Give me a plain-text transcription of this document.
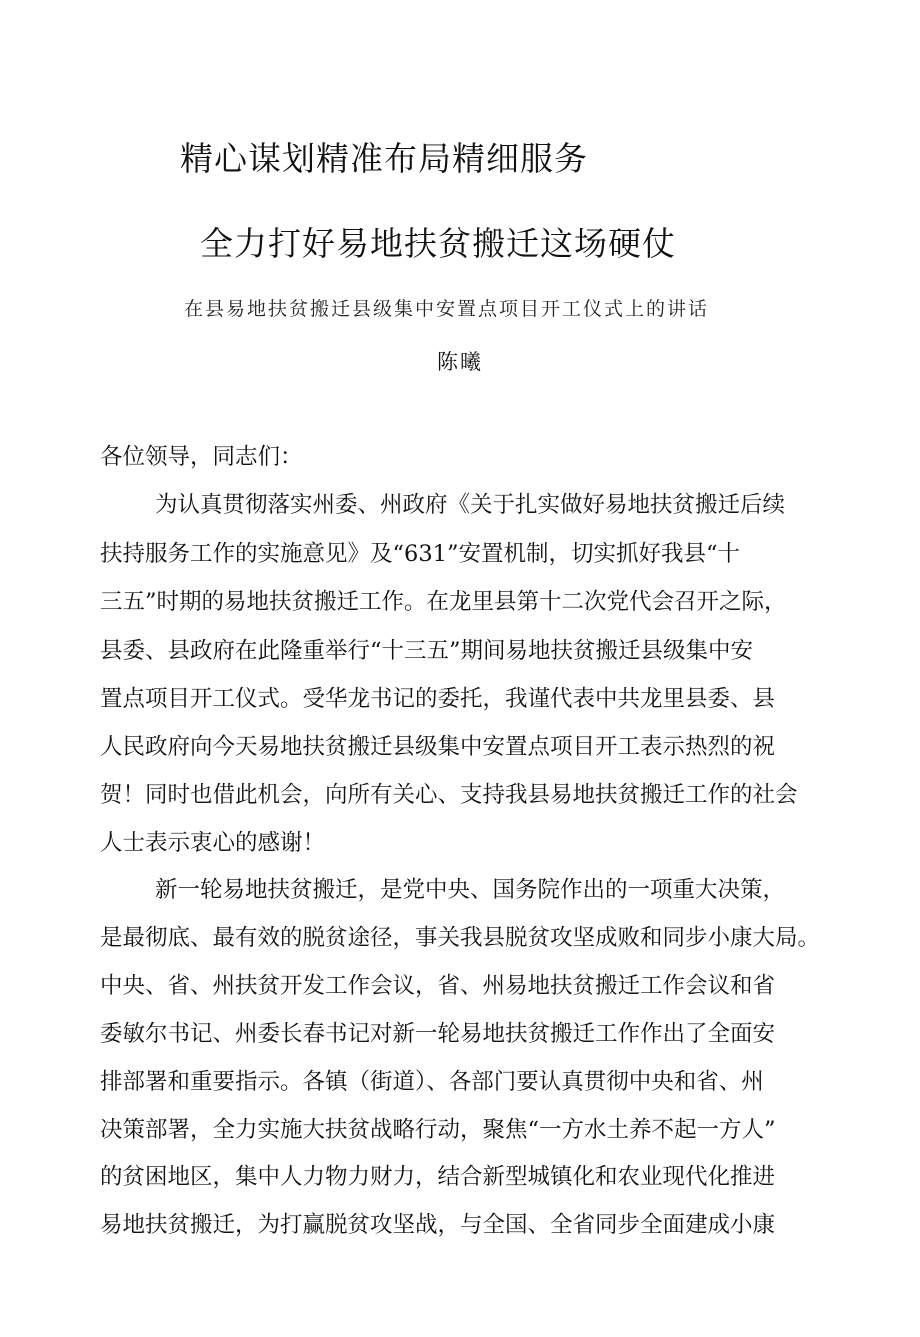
精心谋划精准布局精细服务
全力打好易地扶贫搬迁这场硬仗
在县易地扶贫搬迁县级集中安置点项目开工仪式上的讲话
陈曦
各位领导，同志们：
为认真贯彻落实州委、州政府《关于扎实做好易地扶贫搬迁后续
扶持服务工作的实施意见》及“631”安置机制，切实抓好我县“十
三五”时期的易地扶贫搬迁工作。在龙里县第十二次党代会召开之际，
县委、县政府在此隆重举行“十三五”期间易地扶贫搬迁县级集中安
置点项目开工仪式。受华龙书记的委托，我谨代表中共龙里县委、县
人民政府向今天易地扶贫搬迁县级集中安置点项目开工表示热烈的祝
贺！同时也借此机会，向所有关心、支持我县易地扶贫搬迁工作的社会
人士表示衷心的感谢！
新一轮易地扶贫搬迁，是党中央、国务院作出的一项重大决策，
是最彻底、最有效的脱贫途径，事关我县脱贫攻坚成败和同步小康大局。
中央、省、州扶贫开发工作会议，省、州易地扶贫搬迁工作会议和省
委敏尔书记、州委长春书记对新一轮易地扶贫搬迁工作作出了全面安
排部署和重要指示。各镇（街道）、各部门要认真贯彻中央和省、州
决策部署，全力实施大扶贫战略行动，聚焦“一方水土养不起一方人”
的贫困地区，集中人力物力财力，结合新型城镇化和农业现代化推进
易地扶贫搬迁，为打赢脱贫攻坚战，与全国、全省同步全面建成小康
